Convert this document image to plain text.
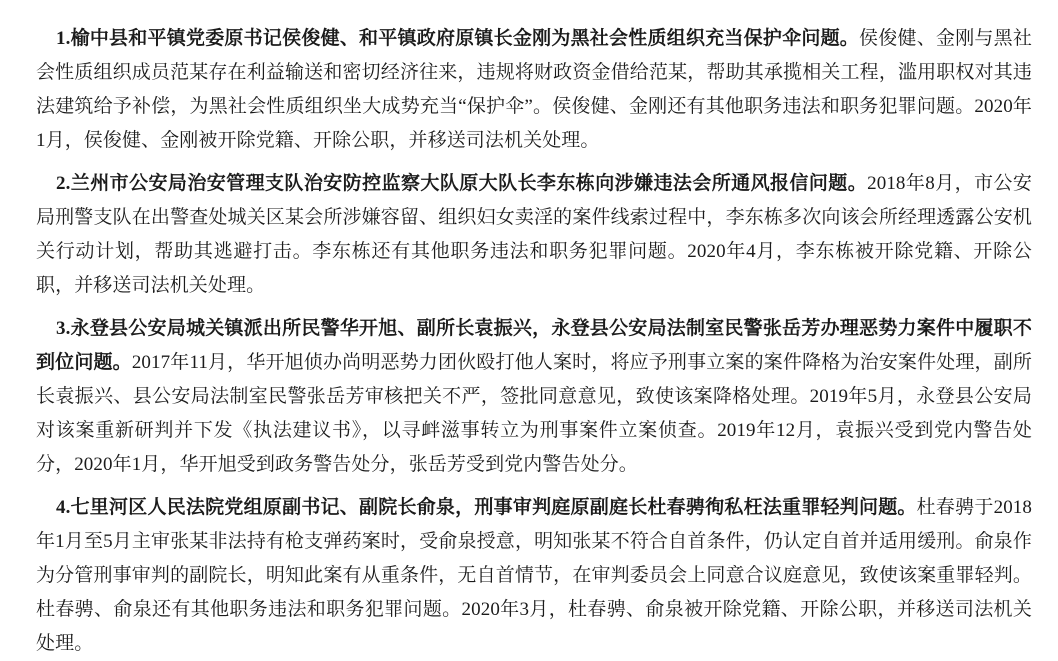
1.榆中县和平镇党委原书记侯俊健、和平镇政府原镇长金刚为黑社会性质组织充当保护伞问题。侯俊健、金刚与黑社会性质组织成员范某存在利益输送和密切经济往来，违规将财政资金借给范某，帮助其承揽相关工程，滥用职权对其违法建筑给予补偿，为黑社会性质组织坐大成势充当“保护伞”。侯俊健、金刚还有其他职务违法和职务犯罪问题。2020年1月，侯俊健、金刚被开除党籍、开除公职，并移送司法机关处理。

2.兰州市公安局治安管理支队治安防控监察大队原大队长李东栋向涉嫌违法会所通风报信问题。2018年8月，市公安局刑警支队在出警查处城关区某会所涉嫌容留、组织妇女卖淫的案件线索过程中，李东栋多次向该会所经理透露公安机关行动计划，帮助其逃避打击。李东栋还有其他职务违法和职务犯罪问题。2020年4月，李东栋被开除党籍、开除公职，并移送司法机关处理。

3.永登县公安局城关镇派出所民警华开旭、副所长袁振兴，永登县公安局法制室民警张岳芳办理恶势力案件中履职不到位问题。2017年11月，华开旭侦办尚明恶势力团伙殴打他人案时，将应予刑事立案的案件降格为治安案件处理，副所长袁振兴、县公安局法制室民警张岳芳审核把关不严，签批同意意见，致使该案降格处理。2019年5月，永登县公安局对该案重新研判并下发《执法建议书》，以寻衅滋事转立为刑事案件立案侦查。2019年12月，袁振兴受到党内警告处分，2020年1月，华开旭受到政务警告处分，张岳芳受到党内警告处分。

4.七里河区人民法院党组原副书记、副院长俞泉，刑事审判庭原副庭长杜春骋徇私枉法重罪轻判问题。杜春骋于2018年1月至5月主审张某非法持有枪支弹药案时，受俞泉授意，明知张某不符合自首条件，仍认定自首并适用缓刑。俞泉作为分管刑事审判的副院长，明知此案有从重条件，无自首情节，在审判委员会上同意合议庭意见，致使该案重罪轻判。杜春骋、俞泉还有其他职务违法和职务犯罪问题。2020年3月，杜春骋、俞泉被开除党籍、开除公职，并移送司法机关处理。
